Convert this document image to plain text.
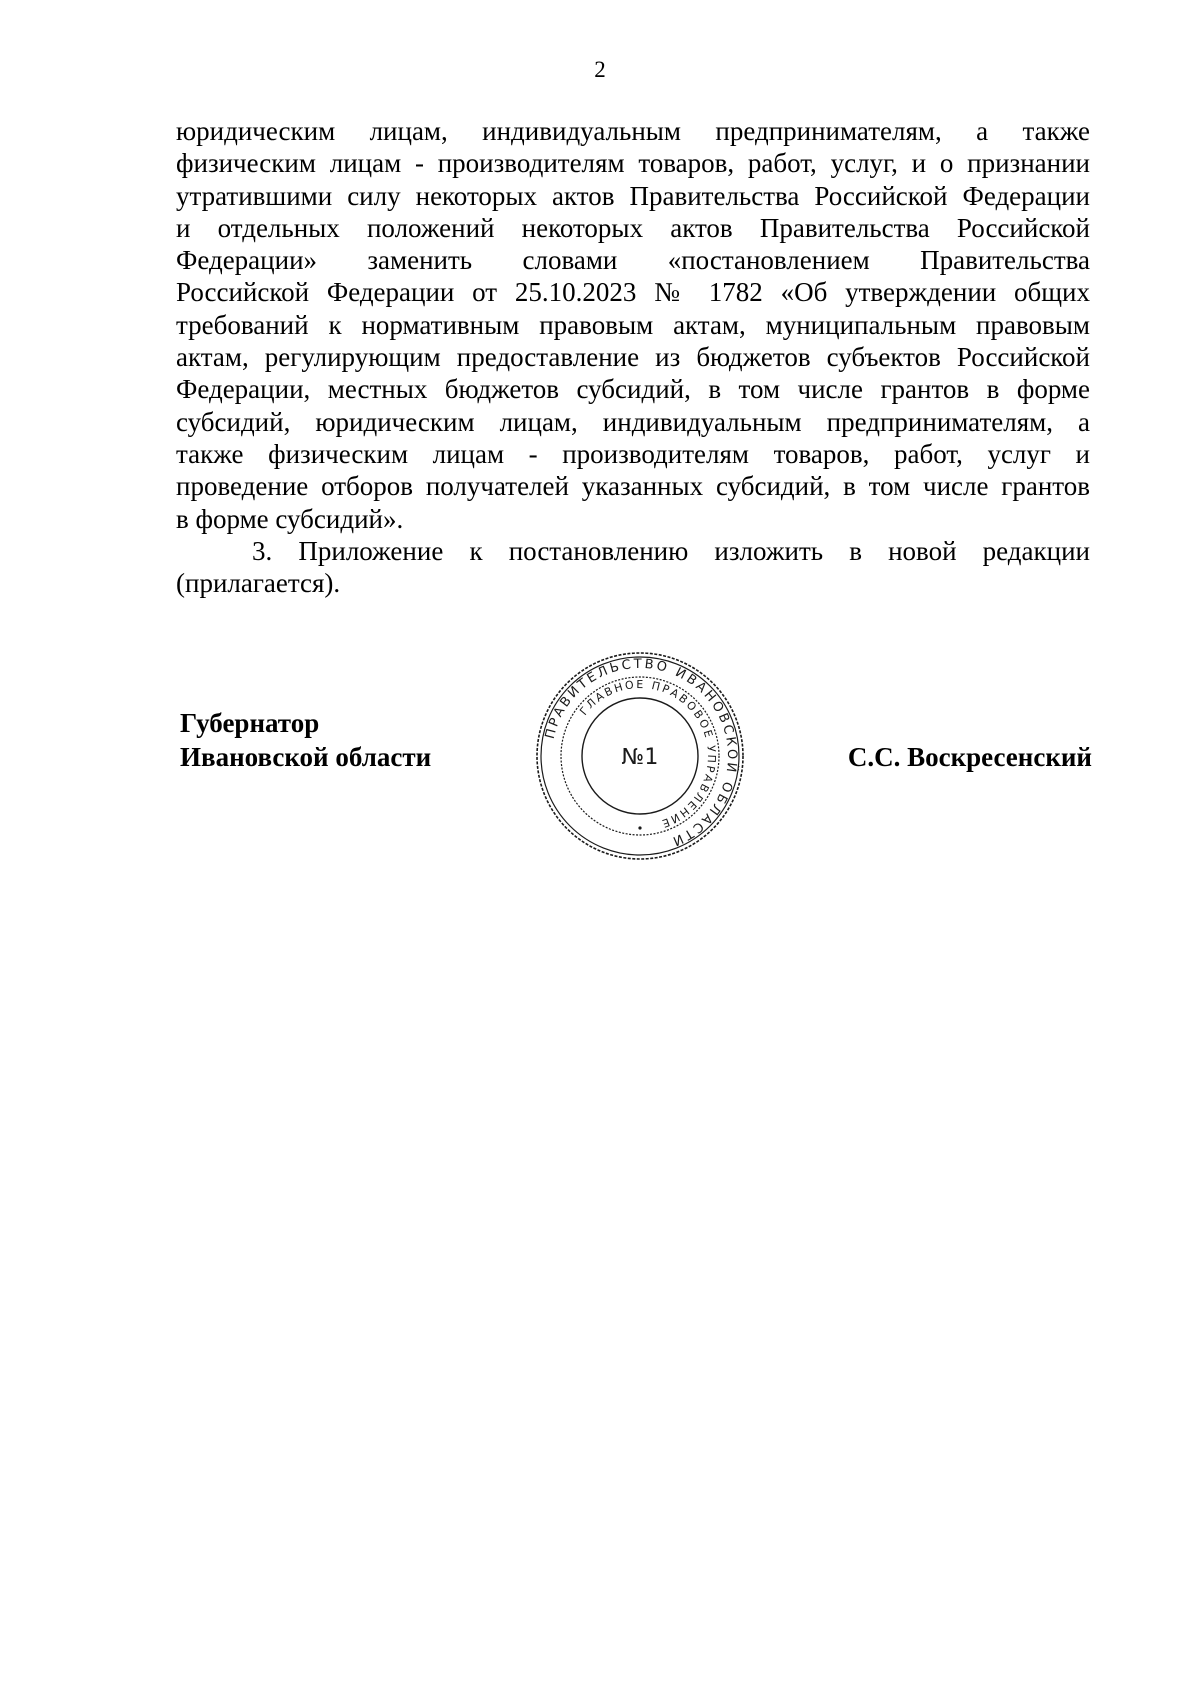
2

юридическим лицам, индивидуальным предпринимателям, а также
физическим лицам - производителям товаров, работ, услуг, и о признании
утратившими силу некоторых актов Правительства Российской Федерации
и отдельных положений некоторых актов Правительства Российской
Федерации» заменить словами «постановлением Правительства
Российской Федерации от 25.10.2023 № 1782 «Об утверждении общих
требований к нормативным правовым актам, муниципальным правовым
актам, регулирующим предоставление из бюджетов субъектов Российской
Федерации, местных бюджетов субсидий, в том числе грантов в форме
субсидий, юридическим лицам, индивидуальным предпринимателям, а
также физическим лицам - производителям товаров, работ, услуг и
проведение отборов получателей указанных субсидий, в том числе грантов
в форме субсидий».

3. Приложение к постановлению изложить в новой редакции
(прилагается).

Губернатор
Ивановской области
ПРАВИТЕЛЬСТВО ИВАНОВСКОЙ ОБЛАСТИ
ГЛАВНОЕ ПРАВОВОЕ УПРАВЛЕНИЕ
№1	С.С. Воскресенский
